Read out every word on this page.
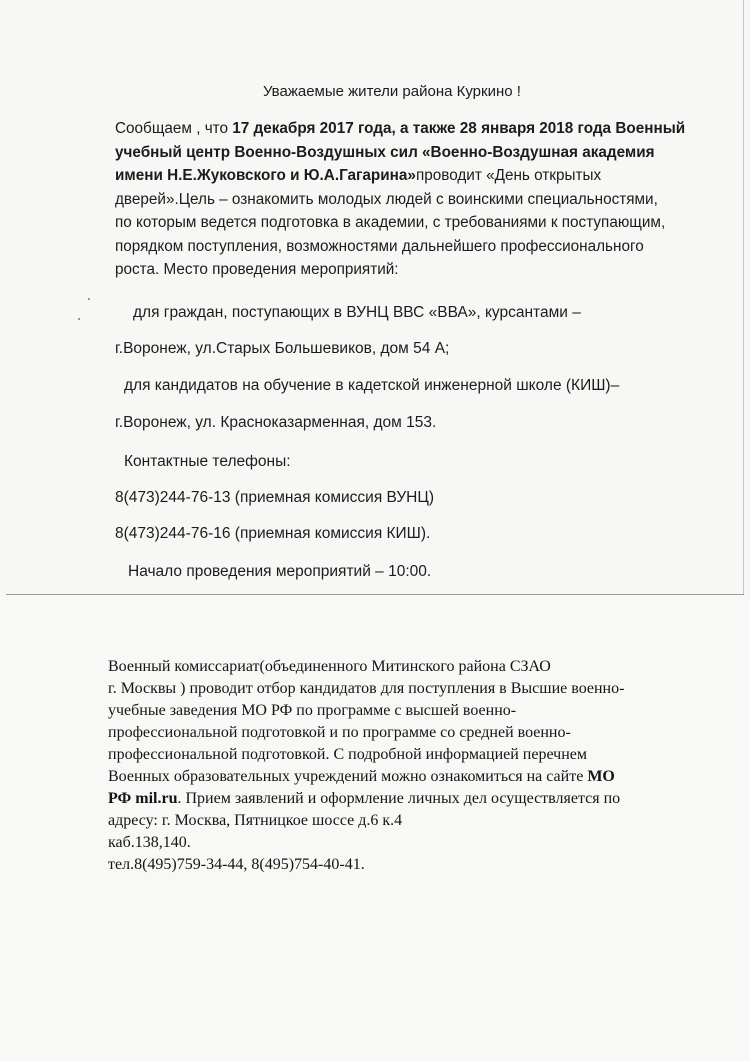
Уважаемые жители района Куркино !
Сообщаем , что 17 декабря 2017 года, а также 28 января 2018 года Военный
учебный центр Военно-Воздушных сил «Военно-Воздушная академия
имени Н.Е.Жуковского и Ю.А.Гагарина»проводит «День открытых
дверей».Цель – ознакомить молодых людей с воинскими специальностями,
по которым ведется подготовка в академии, с требованиями к поступающим,
порядком поступления, возможностями дальнейшего профессионального
роста. Место проведения мероприятий:
для граждан, поступающих в ВУНЦ ВВС «ВВА», курсантами –
г.Воронеж, ул.Старых Большевиков, дом 54 А;
для кандидатов на обучение в кадетской инженерной школе (КИШ)–
г.Воронеж, ул. Красноказарменная, дом 153.
Контактные телефоны:
8(473)244-76-13 (приемная комиссия ВУНЦ)
8(473)244-76-16 (приемная комиссия КИШ).
Начало проведения мероприятий – 10:00.
Военный комиссариат(объединенного Митинского района СЗАО
г. Москвы ) проводит отбор кандидатов для поступления в Высшие военно-
учебные заведения МО РФ по программе с высшей военно-
профессиональной подготовкой и по программе со средней военно-
профессиональной подготовкой. С подробной информацией перечнем
Военных образовательных учреждений можно ознакомиться на сайте МО
РФ mil.ru. Прием заявлений и оформление личных дел осуществляется по
адресу: г. Москва, Пятницкое шоссе д.6 к.4
каб.138,140.
тел.8(495)759-34-44, 8(495)754-40-41.
